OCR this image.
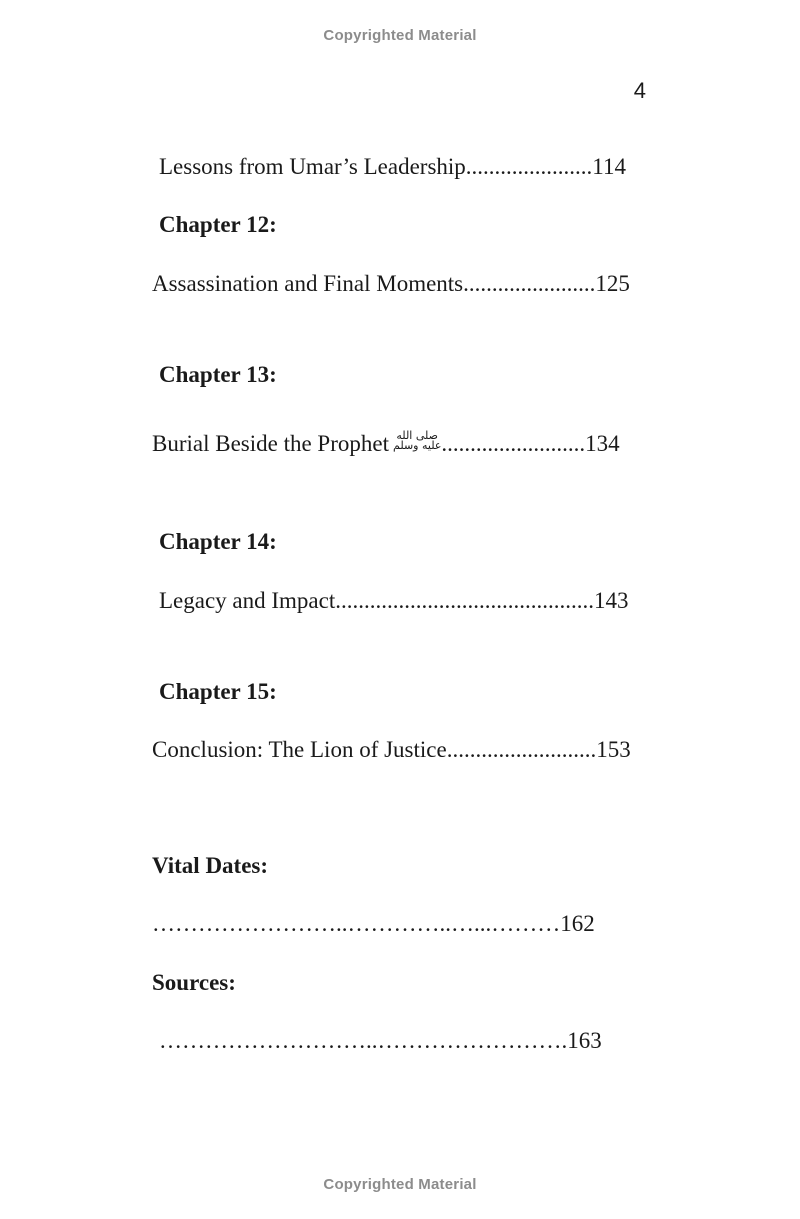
Copyrighted Material
4
Lessons from Umar’s Leadership......................114
Chapter 12:
Assassination and Final Moments.......................125
Chapter 13:
Burial Beside the Prophet صلى الله
عليه وسلم .........................134
Chapter 14:
Legacy and Impact.............................................143
Chapter 15:
Conclusion: The Lion of Justice..........................153
Vital Dates:
……………………..…………..…...………162
Sources:
………………………..…………………….163
Copyrighted Material
